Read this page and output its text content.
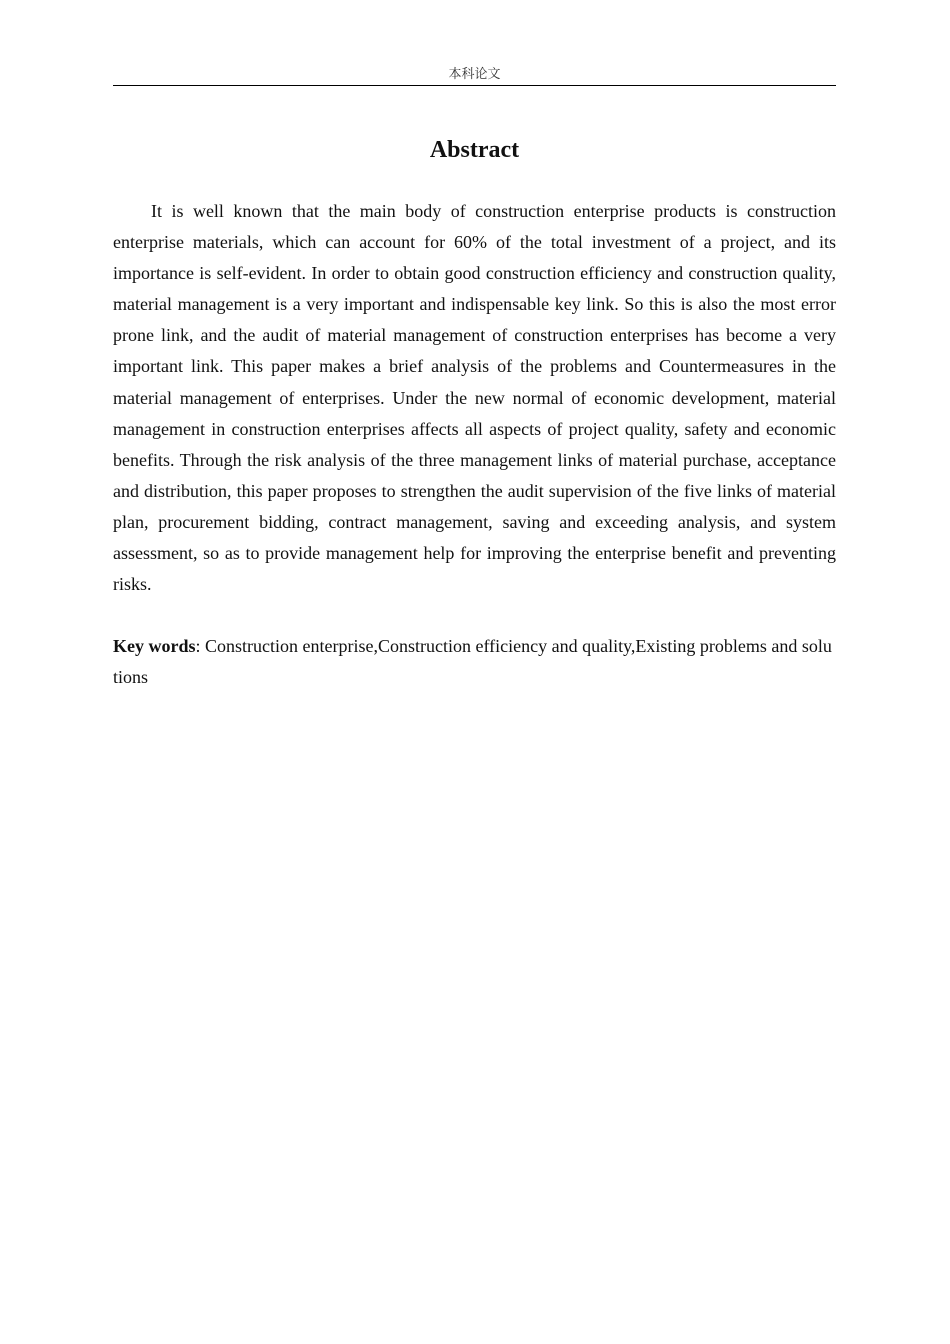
本科论文
Abstract

It is well known that the main body of construction enterprise products is construction enterprise materials, which can account for 60% of the total investment of a project, and its importance is self-evident. In order to obtain good construction efficiency and construction quality, material management is a very important and indispensable key link. So this is also the most error prone link, and the audit of material management of construction enterprises has become a very important link. This paper makes a brief analysis of the problems and Countermeasures in the material management of enterprises. Under the new normal of economic development, material management in construction enterprises affects all aspects of project quality, safety and economic benefits. Through the risk analysis of the three management links of material purchase, acceptance and distribution, this paper proposes to strengthen the audit supervision of the five links of material plan, procurement bidding, contract management, saving and exceeding analysis, and system assessment, so as to provide management help for improving the enterprise benefit and preventing risks.

Key words: Construction enterprise,Construction efficiency and quality,Existing problems and solutions
